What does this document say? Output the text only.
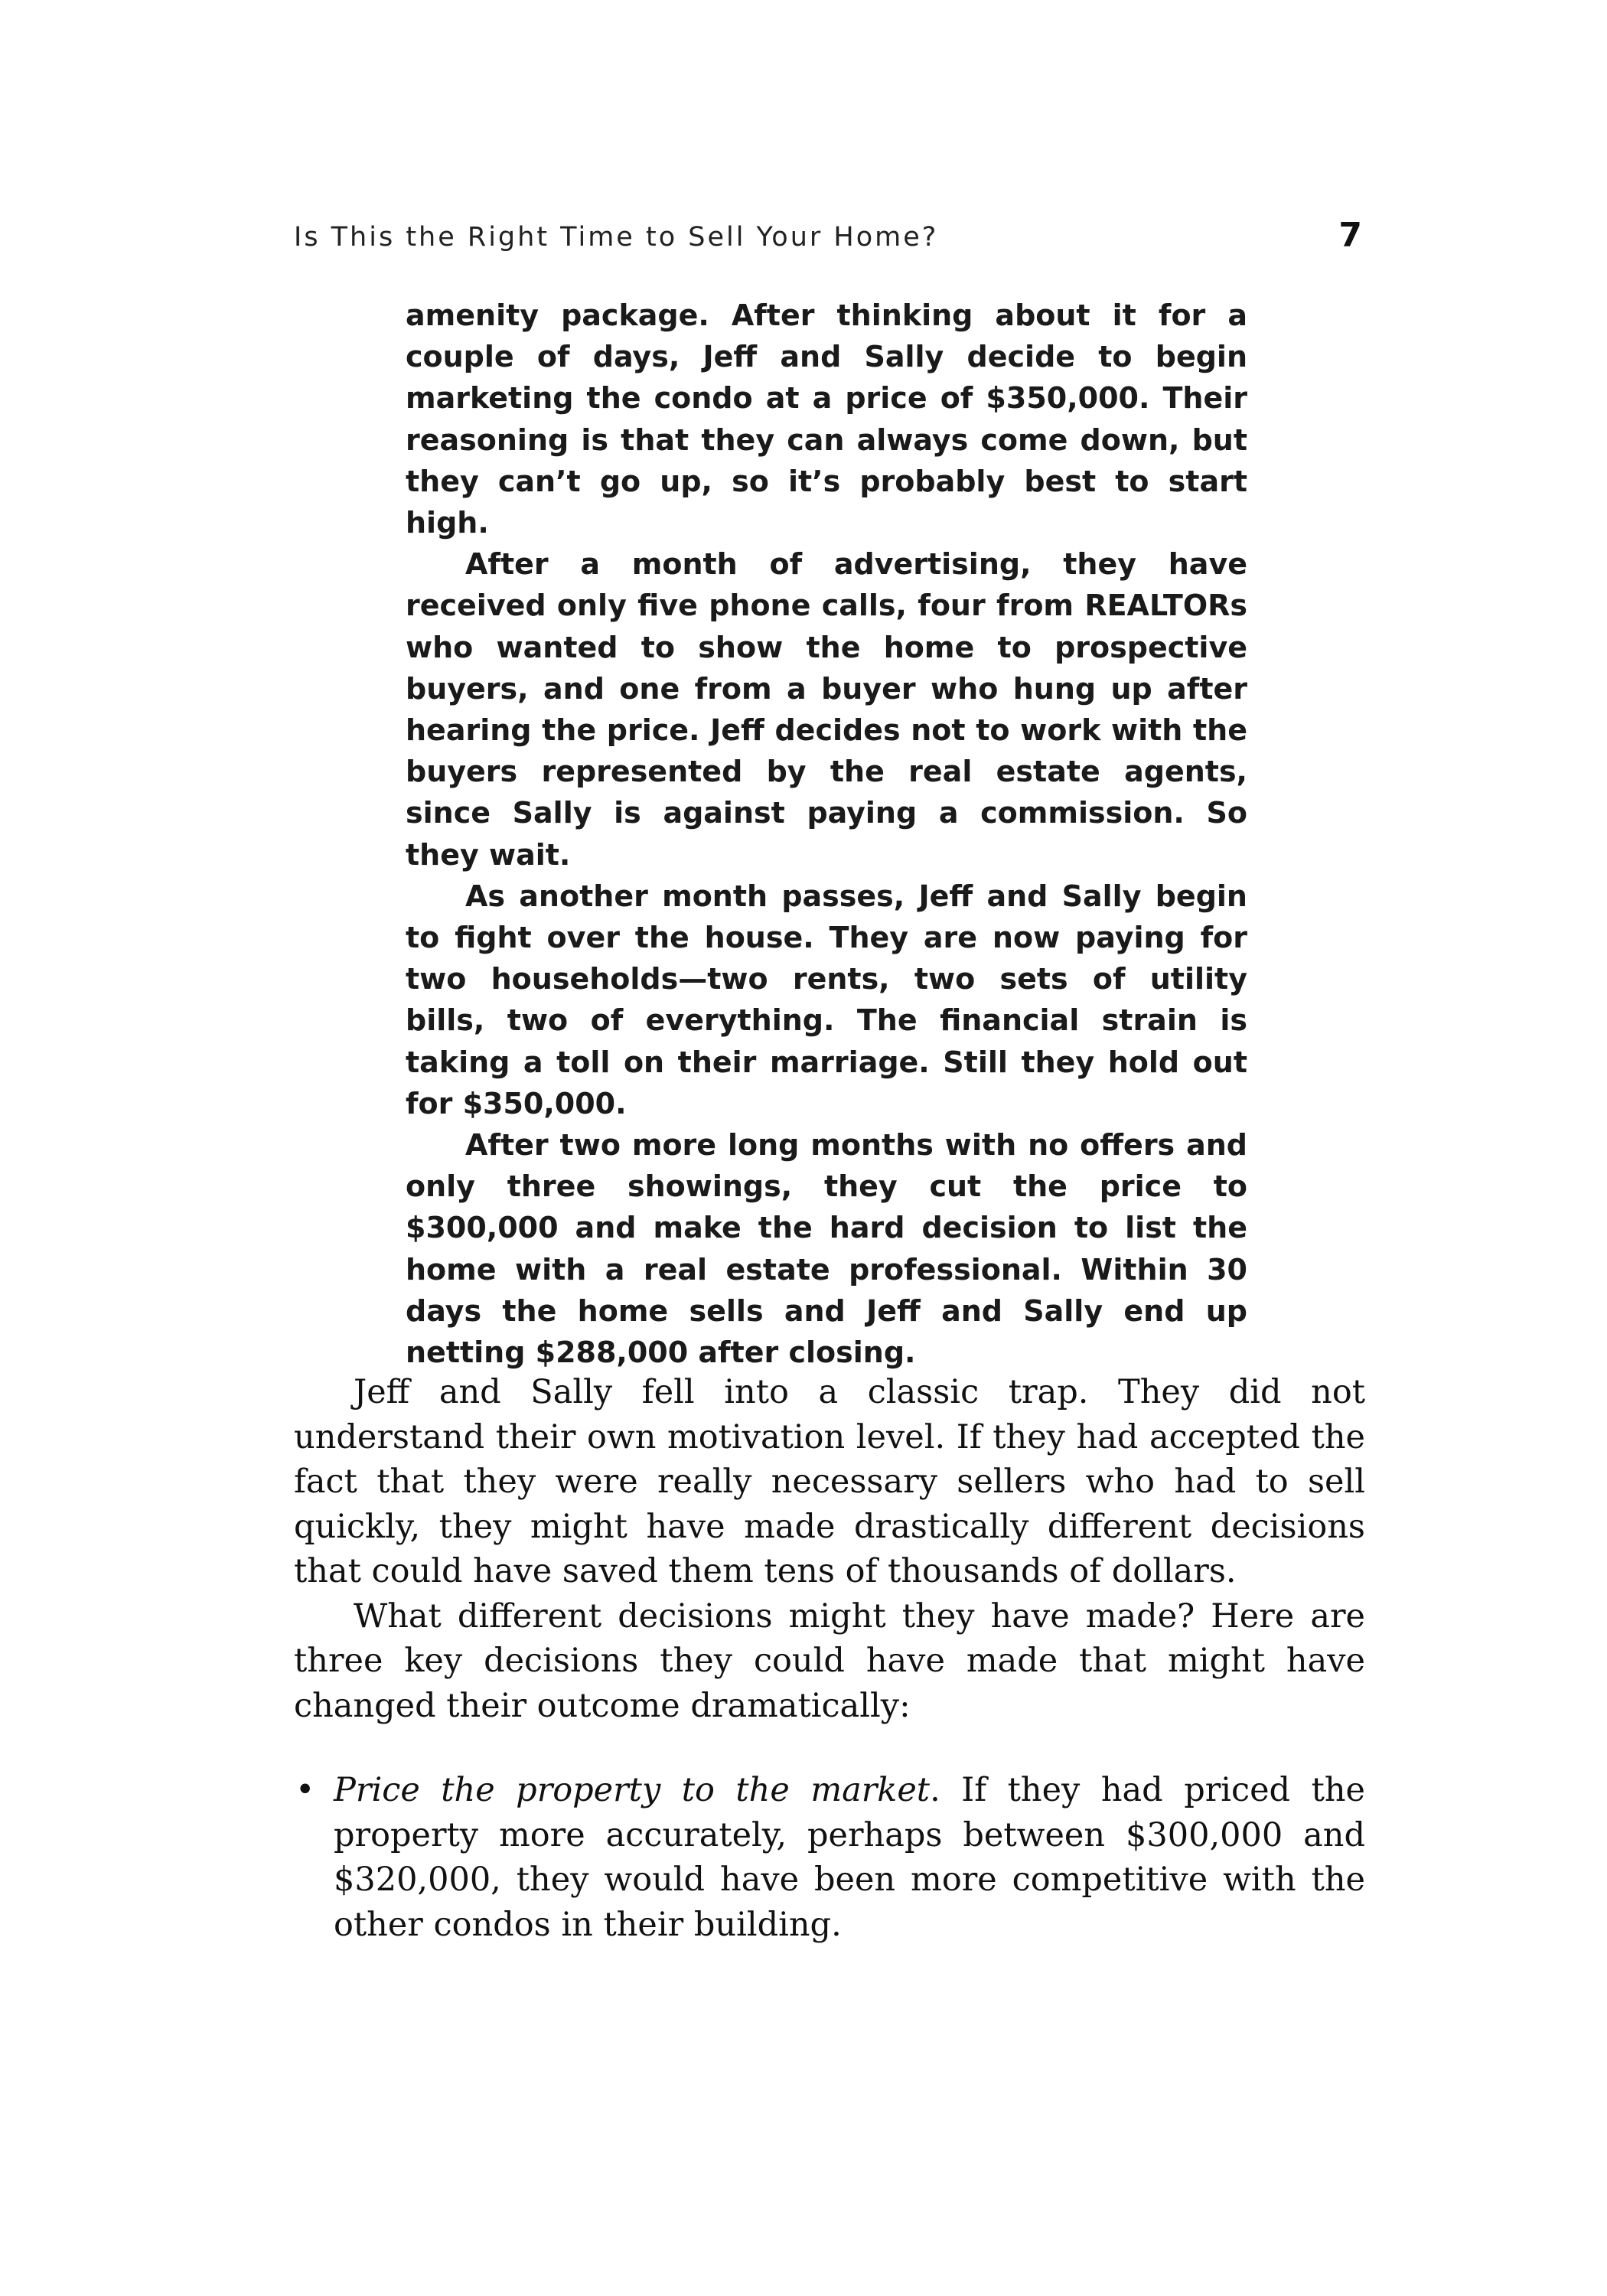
Is This the Right Time to Sell Your Home?	7

amenity package. After thinking about it for a couple of days, Jeff and Sally decide to begin marketing the condo at a price of $350,000. Their reasoning is that they can always come down, but they can’t go up, so it’s probably best to start high.

After a month of advertising, they have received only five phone calls, four from REALTORs who wanted to show the home to prospective buyers, and one from a buyer who hung up after hearing the price. Jeff decides not to work with the buyers represented by the real estate agents, since Sally is against paying a commission. So they wait.

As another month passes, Jeff and Sally begin to fight over the house. They are now paying for two households—two rents, two sets of utility bills, two of everything. The financial strain is taking a toll on their marriage. Still they hold out for $350,000.

After two more long months with no offers and only three showings, they cut the price to $300,000 and make the hard decision to list the home with a real estate professional. Within 30 days the home sells and Jeff and Sally end up netting $288,000 after closing.

Jeff and Sally fell into a classic trap. They did not understand their own motivation level. If they had accepted the fact that they were really necessary sellers who had to sell quickly, they might have made drastically different decisions that could have saved them tens of thousands of dollars.

What different decisions might they have made? Here are three key decisions they could have made that might have changed their outcome dramatically:

• Price the property to the market. If they had priced the property more accurately, perhaps between $300,000 and $320,000, they would have been more competitive with the other condos in their building.
